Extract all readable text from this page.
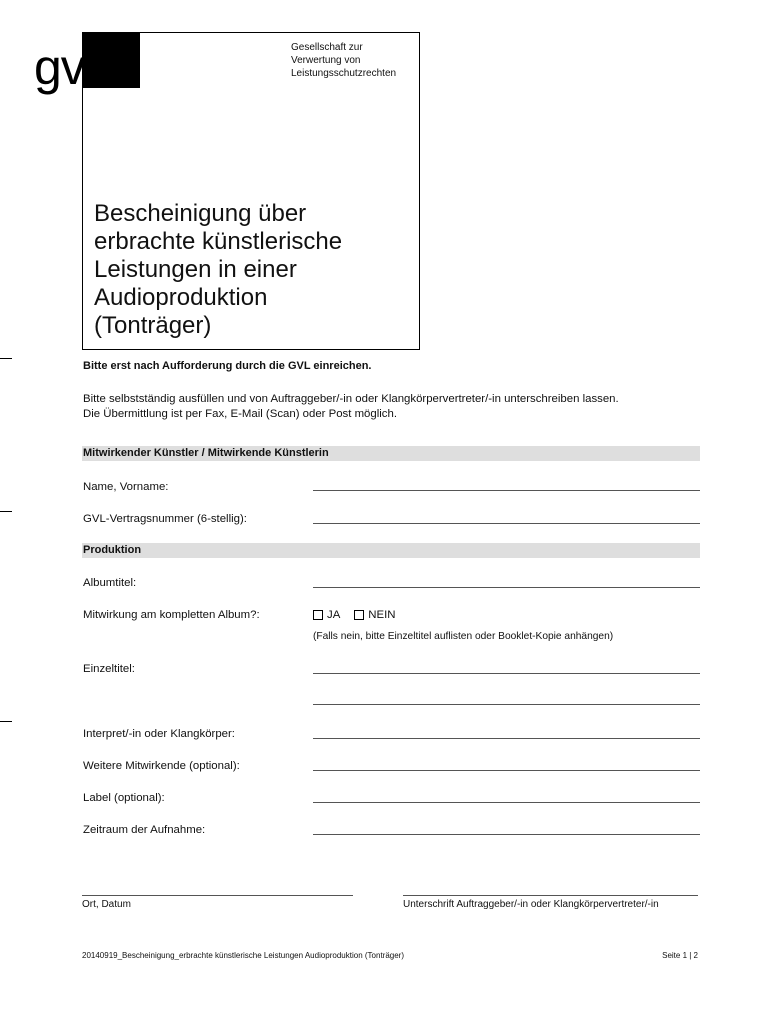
gvl	Gesellschaft zur
Verwertung von
Leistungsschutzrechten
Bescheinigung über
erbrachte künstlerische
Leistungen in einer
Audioproduktion
(Tonträger)
Bitte erst nach Aufforderung durch die GVL einreichen.
Bitte selbstständig ausfüllen und von Auftraggeber/-in oder Klangkörpervertreter/-in unterschreiben lassen.
Die Übermittlung ist per Fax, E-Mail (Scan) oder Post möglich.
Mitwirkender Künstler / Mitwirkende Künstlerin
Name, Vorname:
GVL-Vertragsnummer (6-stellig):
Produktion
Albumtitel:
Mitwirkung am kompletten Album?:	JA NEIN
(Falls nein, bitte Einzeltitel auflisten oder Booklet-Kopie anhängen)
Einzeltitel:
Interpret/-in oder Klangkörper:
Weitere Mitwirkende (optional):
Label (optional):
Zeitraum der Aufnahme:
Ort, Datum	Unterschrift Auftraggeber/-in oder Klangkörpervertreter/-in
20140919_Bescheinigung_erbrachte künstlerische Leistungen Audioproduktion (Tonträger)	Seite 1 | 2
